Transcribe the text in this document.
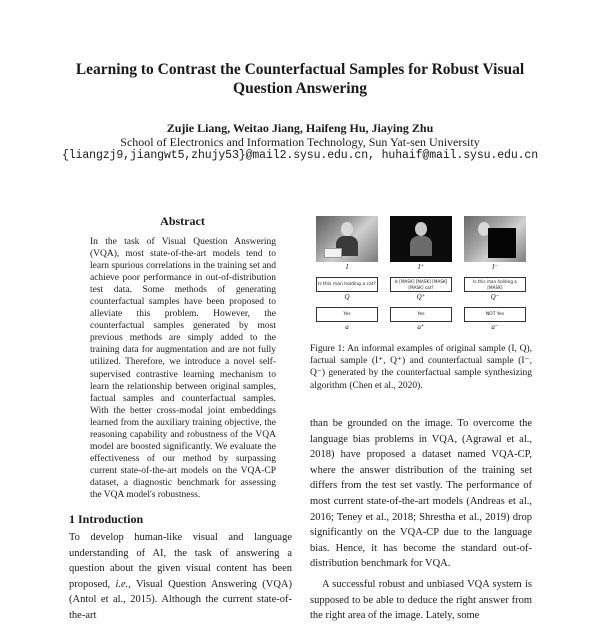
Learning to Contrast the Counterfactual Samples for Robust Visual
Question Answering
Zujie Liang, Weitao Jiang, Haifeng Hu, Jiaying Zhu
School of Electronics and Information Technology, Sun Yat-sen University
{liangzj9,jiangwt5,zhujy53}@mail2.sysu.edu.cn, huhaif@mail.sysu.edu.cn
Abstract
In the task of Visual Question Answering (VQA), most state-of-the-art models tend to learn spurious correlations in the training set and achieve poor performance in out-of-distribution test data. Some methods of generating counterfactual samples have been proposed to alleviate this problem. However, the counterfactual samples generated by most previous methods are simply added to the training data for augmentation and are not fully utilized. Therefore, we introduce a novel self-supervised contrastive learning mechanism to learn the relationship between original samples, factual samples and counterfactual samples. With the better cross-modal joint embeddings learned from the auxiliary training objective, the reasoning capability and robustness of the VQA model are boosted significantly. We evaluate the effectiveness of our method by surpassing current state-of-the-art models on the VQA-CP dataset, a diagnostic benchmark for assessing the VQA model's robustness.
1 Introduction
To develop human-like visual and language understanding of AI, the task of answering a question about the given visual content has been proposed, i.e., Visual Question Answering (VQA) (Antol et al., 2015). Although the current state-of-the-art
I
Is this man holding a cat?
Q
Yes
a
I⁺
Is [MASK] [MASK] [MASK] [MASK] cat?
Q⁺
Yes
a⁺
I⁻
Is this man holding a [MASK]
Q⁻
NOT Yes
a⁻
Figure 1: An informal examples of original sample (I, Q), factual sample (I⁺, Q⁺) and counterfactual sample (I⁻, Q⁻) generated by the counterfactual sample synthesizing algorithm (Chen et al., 2020).

than be grounded on the image. To overcome the language bias problems in VQA, (Agrawal et al., 2018) have proposed a dataset named VQA-CP, where the answer distribution of the training set differs from the test set vastly. The performance of most current state-of-the-art models (Andreas et al., 2016; Teney et al., 2018; Shrestha et al., 2019) drop significantly on the VQA-CP due to the language bias. Hence, it has become the standard out-of-distribution benchmark for VQA.

A successful robust and unbiased VQA system is supposed to be able to deduce the right answer from the right area of the image. Lately, some
